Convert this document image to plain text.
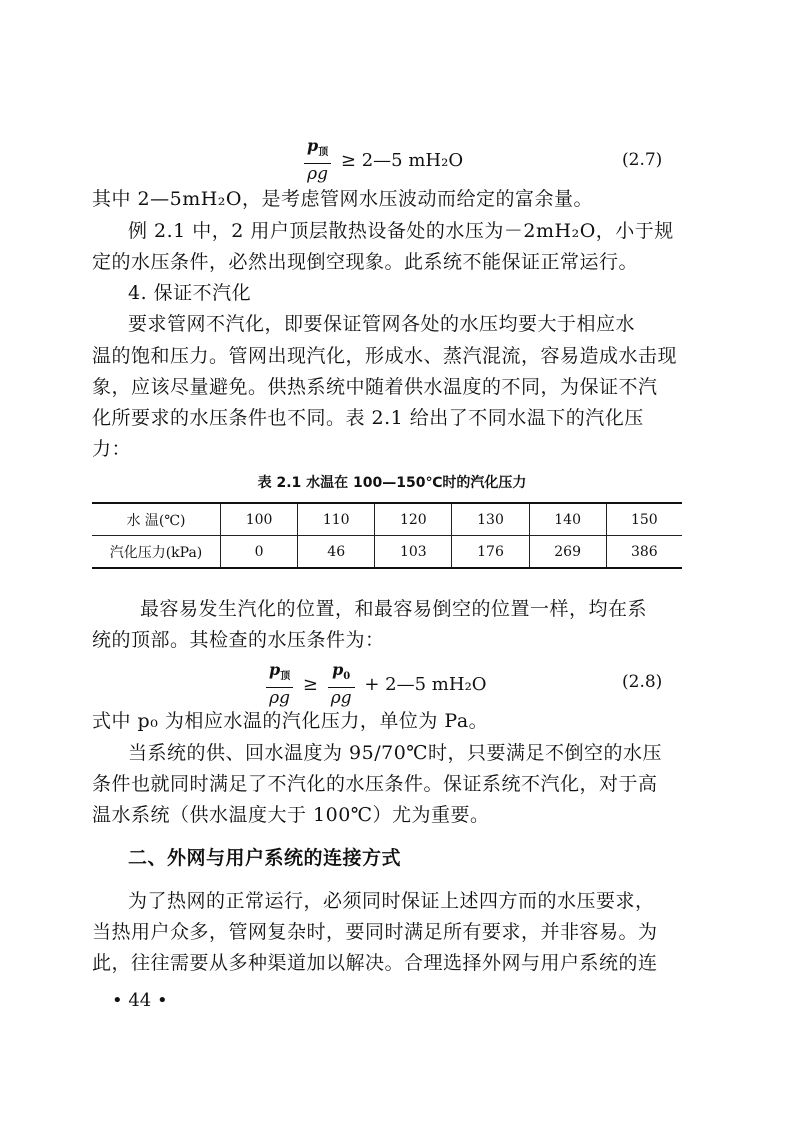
$\frac{p_顶}{\rho g}$ ≥ 2—5 mH₂O	(2.7)
其中 2—5mH₂O，是考虑管网水压波动而给定的富余量。
例 2.1 中，2 用户顶层散热设备处的水压为－2mH₂O，小于规
定的水压条件，必然出现倒空现象。此系统不能保证正常运行。
4. 保证不汽化
要求管网不汽化，即要保证管网各处的水压均要大于相应水
温的饱和压力。管网出现汽化，形成水、蒸汽混流，容易造成水击现
象，应该尽量避免。供热系统中随着供水温度的不同，为保证不汽
化所要求的水压条件也不同。表 2.1 给出了不同水温下的汽化压
力：
表 2.1 水温在 100—150℃时的汽化压力
水 温(℃)	100	110	120	130	140	150
汽化压力(kPa)	0	46	103	176	269	386
最容易发生汽化的位置，和最容易倒空的位置一样，均在系
统的顶部。其检查的水压条件为：
$\frac{p_顶}{\rho g} \ge \frac{p_0}{\rho g}$ + 2—5 mH₂O	(2.8)
式中 p₀ 为相应水温的汽化压力，单位为 Pa。
当系统的供、回水温度为 95/70℃时，只要满足不倒空的水压
条件也就同时满足了不汽化的水压条件。保证系统不汽化，对于高
温水系统（供水温度大于 100℃）尤为重要。
二、外网与用户系统的连接方式
为了热网的正常运行，必须同时保证上述四方而的水压要求，
当热用户众多，管网复杂时，要同时满足所有要求，并非容易。为
此，往往需要从多种渠道加以解决。合理选择外网与用户系统的连
• 44 •
